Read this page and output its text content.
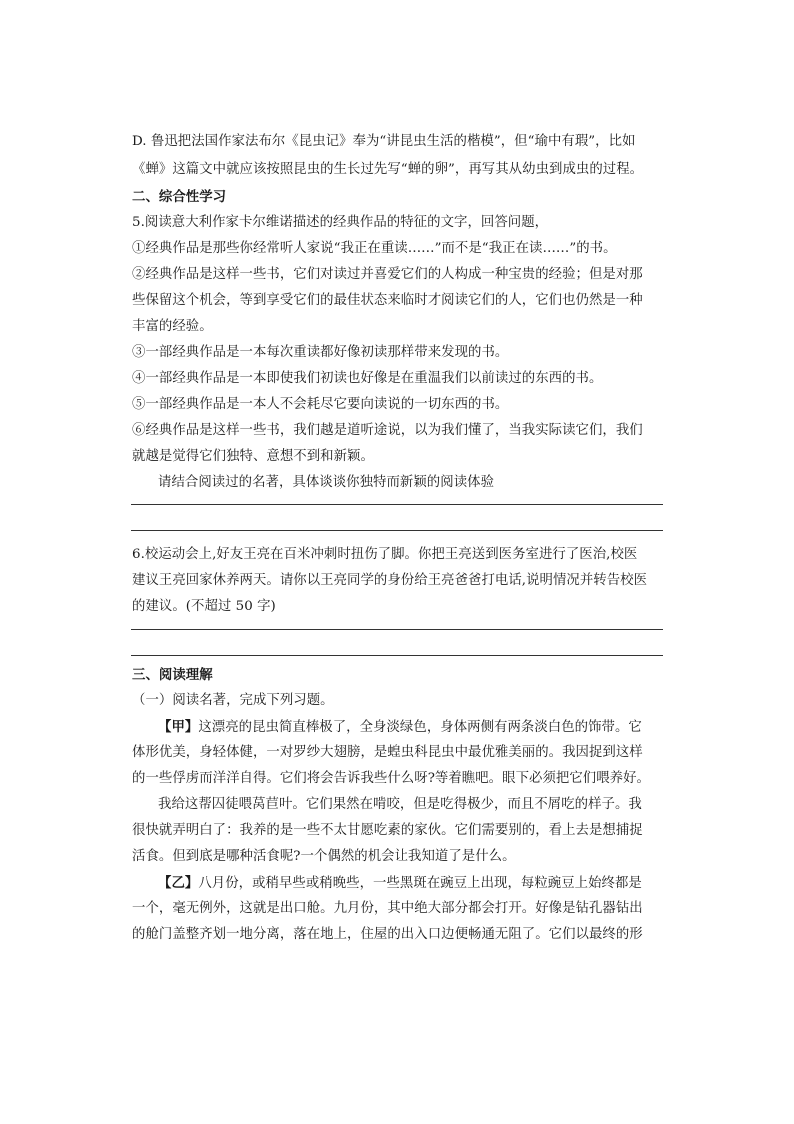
D. 鲁迅把法国作家法布尔《昆虫记》奉为“讲昆虫生活的楷模”，但“瑜中有瑕”，比如
《蝉》这篇文中就应该按照昆虫的生长过先写“蝉的卵”，再写其从幼虫到成虫的过程。
二、综合性学习
5.阅读意大利作家卡尔维诺描述的经典作品的特征的文字，回答问题，
①经典作品是那些你经常听人家说“我正在重读……”而不是“我正在读……”的书。
②经典作品是这样一些书，它们对读过并喜爱它们的人构成一种宝贵的经验；但是对那
些保留这个机会，等到享受它们的最佳状态来临时才阅读它们的人，它们也仍然是一种
丰富的经验。
③一部经典作品是一本每次重读都好像初读那样带来发现的书。
④一部经典作品是一本即使我们初读也好像是在重温我们以前读过的东西的书。
⑤一部经典作品是一本人不会耗尽它要向读说的一切东西的书。
⑥经典作品是这样一些书，我们越是道听途说，以为我们懂了，当我实际读它们，我们
就越是觉得它们独特、意想不到和新颖。
请结合阅读过的名著，具体谈谈你独特而新颖的阅读体验
6.校运动会上,好友王亮在百米冲刺时扭伤了脚。你把王亮送到医务室进行了医治,校医
建议王亮回家休养两天。请你以王亮同学的身份给王亮爸爸打电话,说明情况并转告校医
的建议。(不超过 50 字)
三、阅读理解
（一）阅读名著，完成下列习题。
【甲】这漂亮的昆虫简直棒极了，全身淡绿色，身体两侧有两条淡白色的饰带。它
体形优美，身轻体健，一对罗纱大翅膀，是蝗虫科昆虫中最优雅美丽的。我因捉到这样
的一些俘虏而洋洋自得。它们将会告诉我些什么呀?等着瞧吧。眼下必须把它们喂养好。
我给这帮囚徒喂莴苣叶。它们果然在啃咬，但是吃得极少，而且不屑吃的样子。我
很快就弄明白了：我养的是一些不太甘愿吃素的家伙。它们需要别的，看上去是想捕捉
活食。但到底是哪种活食呢?一个偶然的机会让我知道了是什么。
【乙】八月份，或稍早些或稍晚些，一些黑斑在豌豆上出现，每粒豌豆上始终都是
一个，毫无例外，这就是出口舱。九月份，其中绝大部分都会打开。好像是钻孔器钻出
的舱门盖整齐划一地分离，落在地上，住屋的出入口边便畅通无阻了。它们以最终的形
